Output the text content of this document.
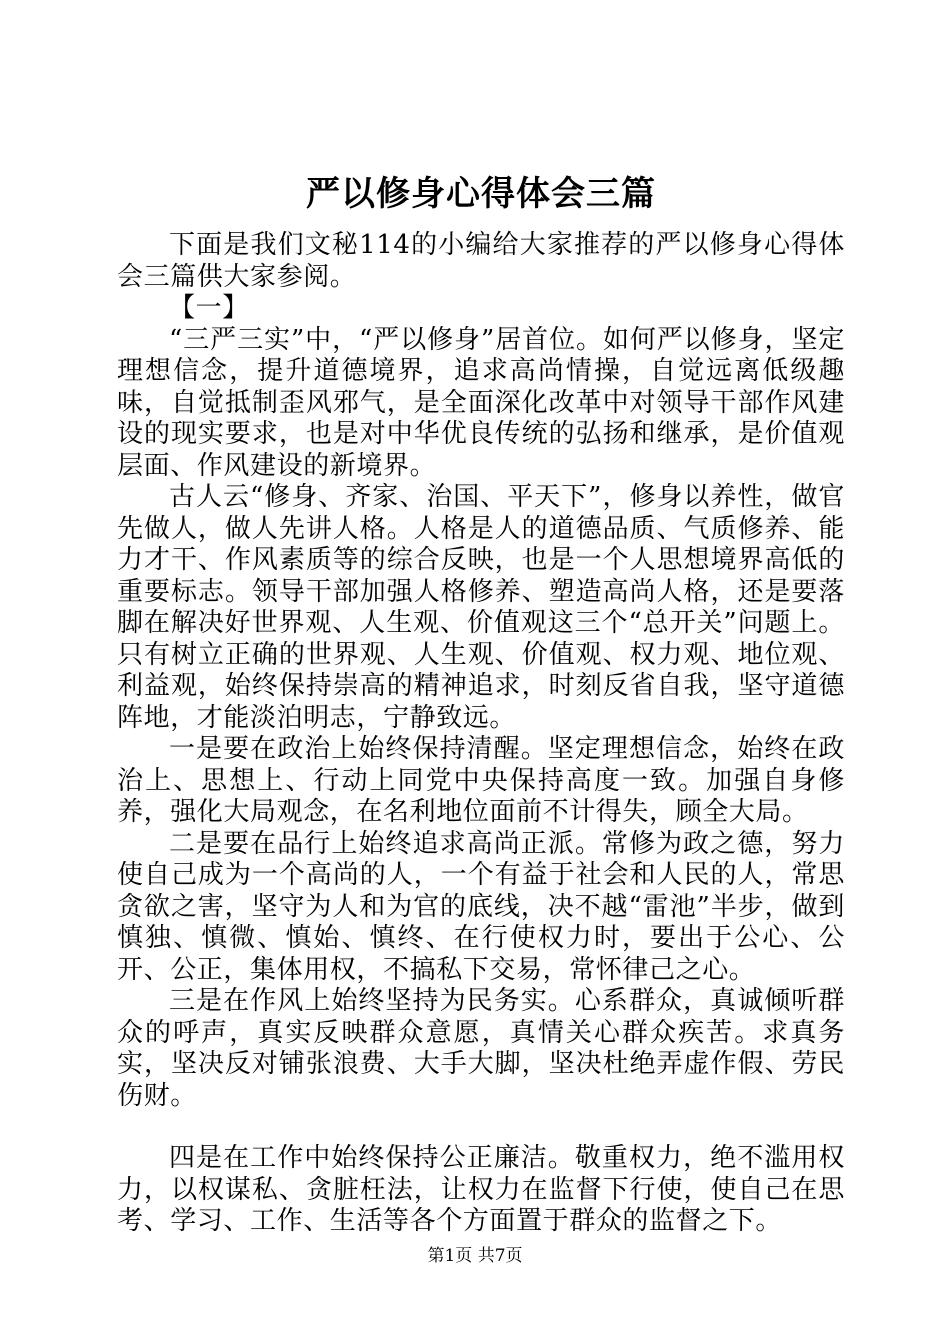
严以修身心得体会三篇

下面是我们文秘114的小编给大家推荐的严以修身心得体会三篇供大家参阅。

【一】

“三严三实”中，“严以修身”居首位。如何严以修身，坚定理想信念，提升道德境界，追求高尚情操，自觉远离低级趣味，自觉抵制歪风邪气，是全面深化改革中对领导干部作风建设的现实要求，也是对中华优良传统的弘扬和继承，是价值观层面、作风建设的新境界。

古人云“修身、齐家、治国、平天下”，修身以养性，做官先做人，做人先讲人格。人格是人的道德品质、气质修养、能力才干、作风素质等的综合反映，也是一个人思想境界高低的重要标志。领导干部加强人格修养、塑造高尚人格，还是要落脚在解决好世界观、人生观、价值观这三个“总开关”问题上。只有树立正确的世界观、人生观、价值观、权力观、地位观、利益观，始终保持崇高的精神追求，时刻反省自我，坚守道德阵地，才能淡泊明志，宁静致远。

一是要在政治上始终保持清醒。坚定理想信念，始终在政治上、思想上、行动上同党中央保持高度一致。加强自身修养，强化大局观念，在名利地位面前不计得失，顾全大局。

二是要在品行上始终追求高尚正派。常修为政之德，努力使自己成为一个高尚的人，一个有益于社会和人民的人，常思贪欲之害，坚守为人和为官的底线，决不越“雷池”半步，做到慎独、慎微、慎始、慎终、在行使权力时，要出于公心、公开、公正，集体用权，不搞私下交易，常怀律己之心。

三是在作风上始终坚持为民务实。心系群众，真诚倾听群众的呼声，真实反映群众意愿，真情关心群众疾苦。求真务实，坚决反对铺张浪费、大手大脚，坚决杜绝弄虚作假、劳民伤财。

四是在工作中始终保持公正廉洁。敬重权力，绝不滥用权力，以权谋私、贪脏枉法，让权力在监督下行使，使自己在思考、学习、工作、生活等各个方面置于群众的监督之下。

第1页 共7页
